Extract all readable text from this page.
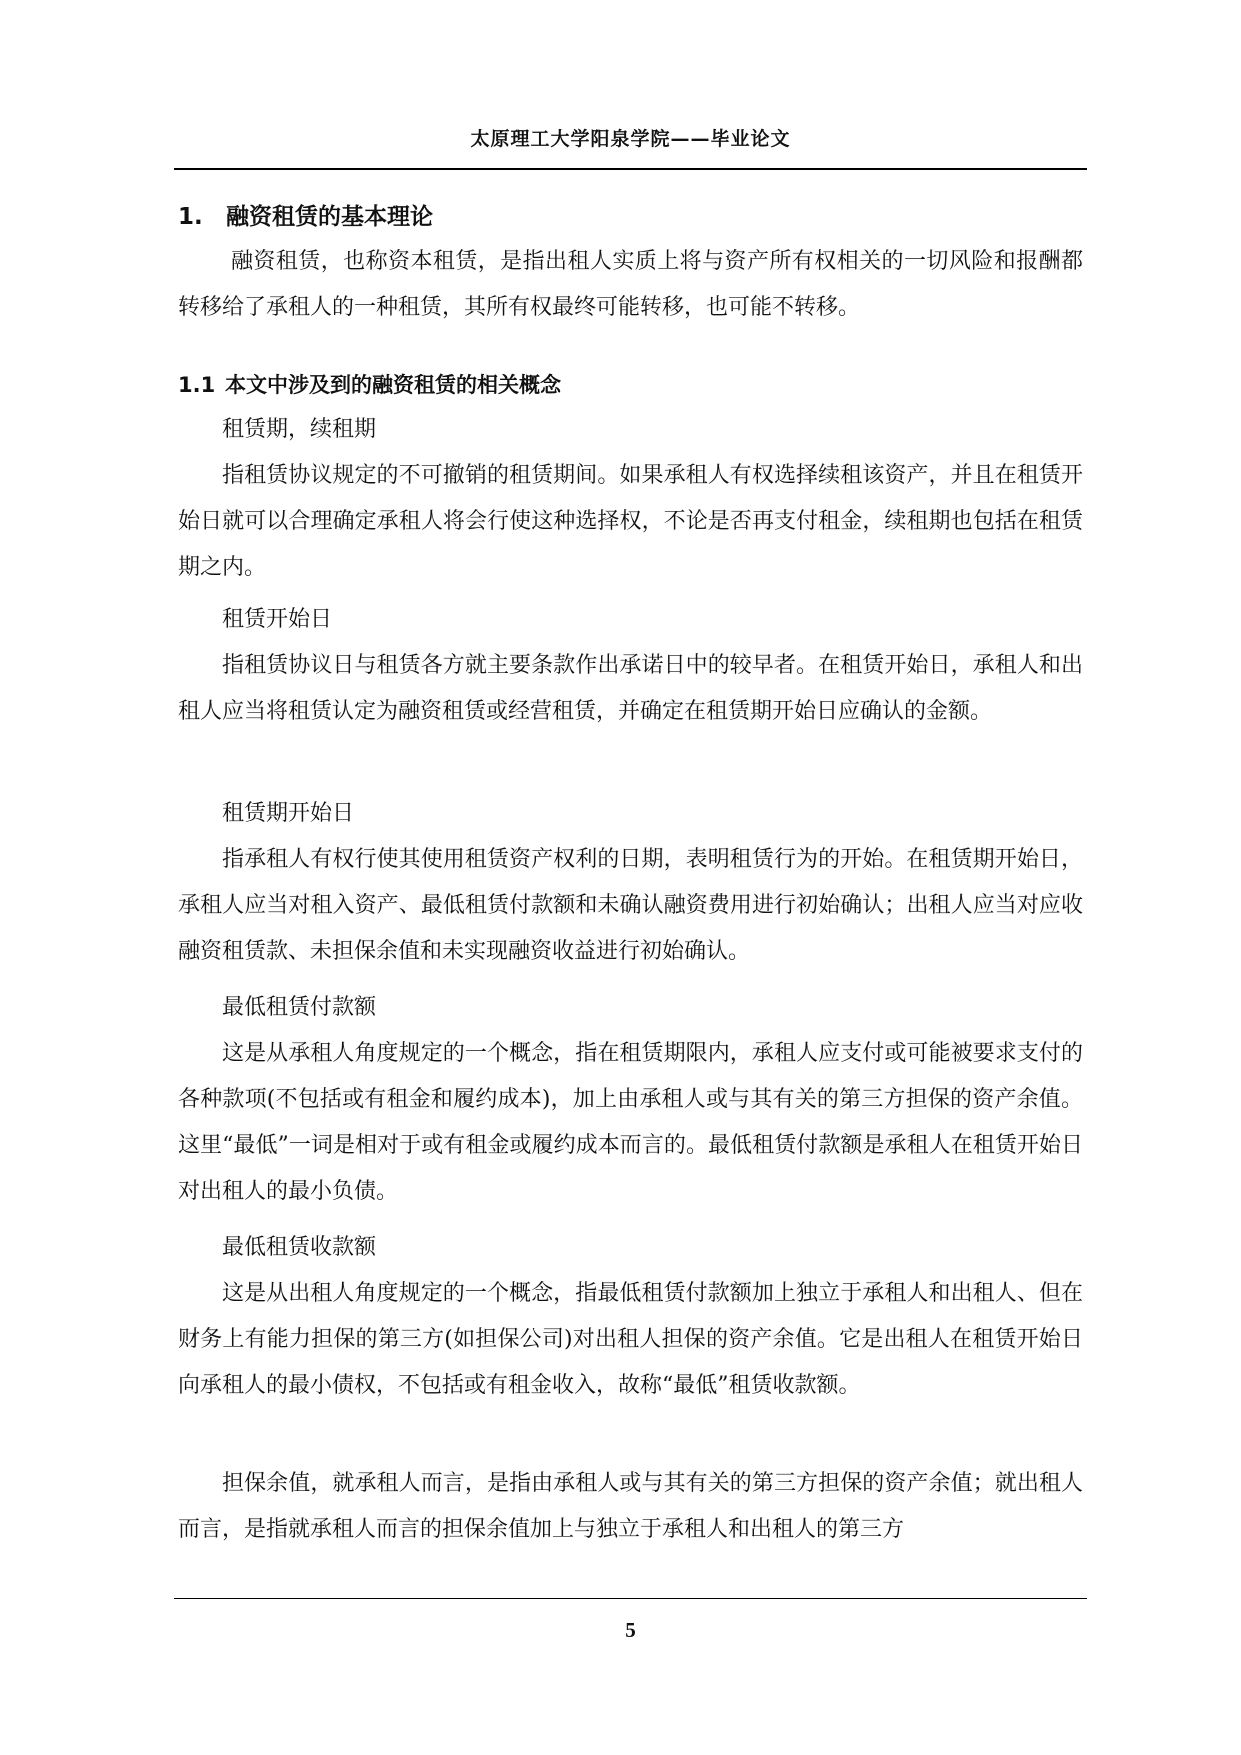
太原理工大学阳泉学院——毕业论文
1. 融资租赁的基本理论

融资租赁，也称资本租赁，是指出租人实质上将与资产所有权相关的一切风险和报酬都转移给了承租人的一种租赁，其所有权最终可能转移，也可能不转移。

1.1 本文中涉及到的融资租赁的相关概念

租赁期，续租期

指租赁协议规定的不可撤销的租赁期间。如果承租人有权选择续租该资产，并且在租赁开始日就可以合理确定承租人将会行使这种选择权，不论是否再支付租金，续租期也包括在租赁期之内。

租赁开始日

指租赁协议日与租赁各方就主要条款作出承诺日中的较早者。在租赁开始日，承租人和出租人应当将租赁认定为融资租赁或经营租赁，并确定在租赁期开始日应确认的金额。

租赁期开始日

指承租人有权行使其使用租赁资产权利的日期，表明租赁行为的开始。在租赁期开始日，承租人应当对租入资产、最低租赁付款额和未确认融资费用进行初始确认；出租人应当对应收融资租赁款、未担保余值和未实现融资收益进行初始确认。

最低租赁付款额

这是从承租人角度规定的一个概念，指在租赁期限内，承租人应支付或可能被要求支付的各种款项(不包括或有租金和履约成本)，加上由承租人或与其有关的第三方担保的资产余值。这里“最低”一词是相对于或有租金或履约成本而言的。最低租赁付款额是承租人在租赁开始日对出租人的最小负债。

最低租赁收款额

这是从出租人角度规定的一个概念，指最低租赁付款额加上独立于承租人和出租人、但在财务上有能力担保的第三方(如担保公司)对出租人担保的资产余值。它是出租人在租赁开始日向承租人的最小债权，不包括或有租金收入，故称“最低”租赁收款额。

担保余值，就承租人而言，是指由承租人或与其有关的第三方担保的资产余值；就出租人而言，是指就承租人而言的担保余值加上与独立于承租人和出租人的第三方

5
